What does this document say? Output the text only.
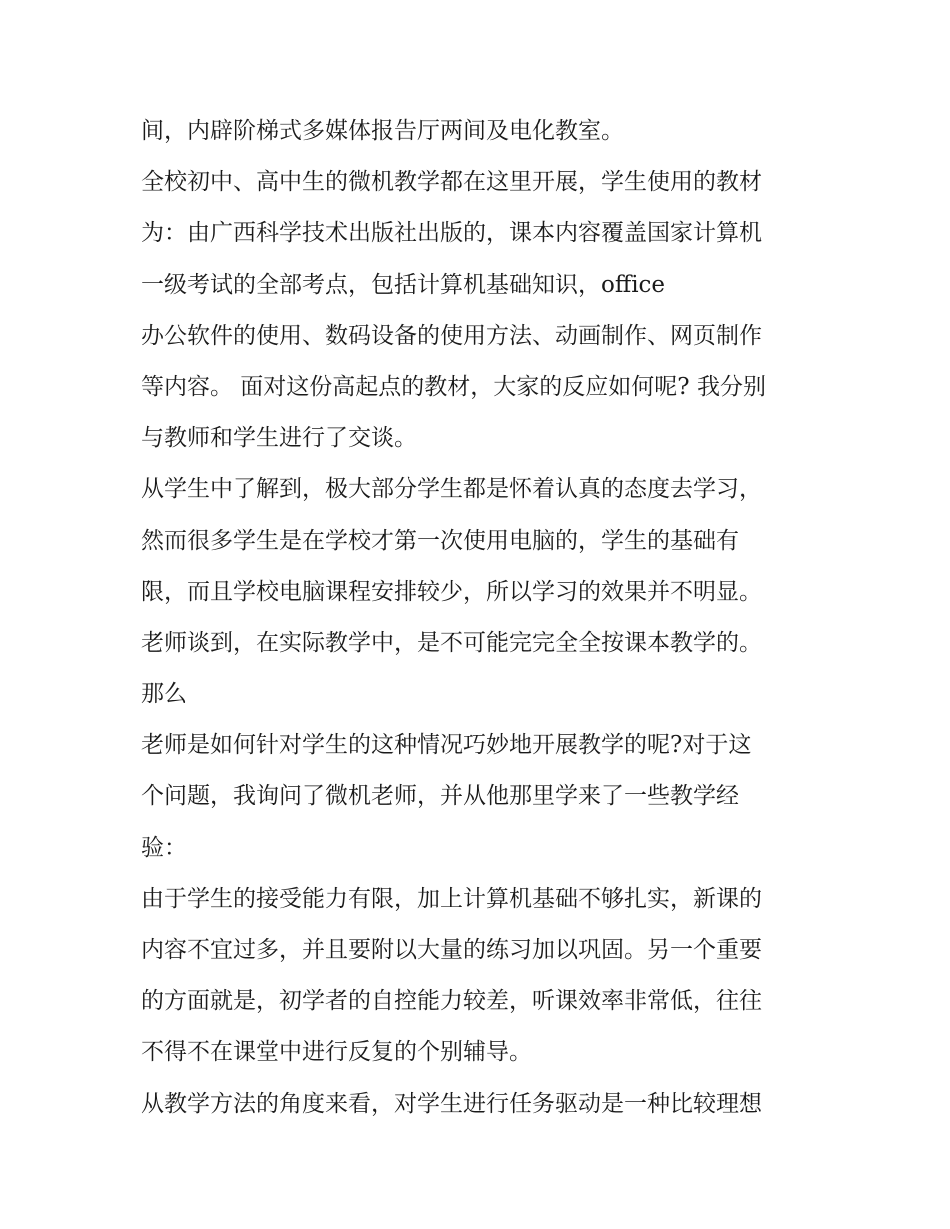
间，内辟阶梯式多媒体报告厅两间及电化教室。
全校初中、高中生的微机教学都在这里开展，学生使用的教材
为：由广西科学技术出版社出版的，课本内容覆盖国家计算机
一级考试的全部考点，包括计算机基础知识，office
办公软件的使用、数码设备的使用方法、动画制作、网页制作
等内容。 面对这份高起点的教材，大家的反应如何呢? 我分别
与教师和学生进行了交谈。
从学生中了解到，极大部分学生都是怀着认真的态度去学习，
然而很多学生是在学校才第一次使用电脑的，学生的基础有
限，而且学校电脑课程安排较少，所以学习的效果并不明显。
老师谈到，在实际教学中，是不可能完完全全按课本教学的。
那么
老师是如何针对学生的这种情况巧妙地开展教学的呢?对于这
个问题，我询问了微机老师，并从他那里学来了一些教学经
验：
由于学生的接受能力有限，加上计算机基础不够扎实，新课的
内容不宜过多，并且要附以大量的练习加以巩固。另一个重要
的方面就是，初学者的自控能力较差，听课效率非常低，往往
不得不在课堂中进行反复的个别辅导。
从教学方法的角度来看，对学生进行任务驱动是一种比较理想
